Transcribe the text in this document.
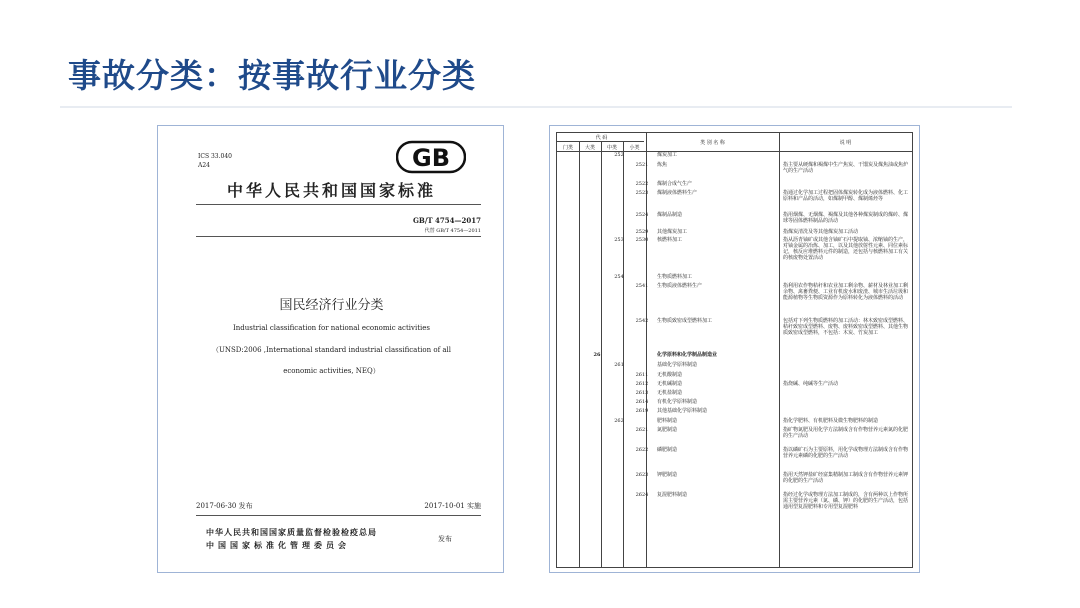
事故分类：按事故行业分类
ICS 33.040
A24	GB
中华人民共和国国家标准
GB/T 4754—2017
代替 GB/T 4754—2011
国民经济行业分类
Industrial classification for national economic activities
（UNSD:2006 ,International standard industrial classification of all
economic activities, NEQ）
2017-06-30 发布	2017-10-01 实施
中华人民共和国国家质量监督检验检疫总局
中国国家标准化管理委员会
发布
代 码
门类	大类	中类	小类
类 别 名 称	说 明
252	煤炭加工
2521	炼焦	指主要从硬煤和褐煤中生产焦炭、干馏炭及煤焦油或焦炉气的生产活动
2522	煤制合成气生产
2523	煤制液体燃料生产	指通过化学加工过程把固体煤炭转化成为液体燃料、化工原料和产品的活动，如煤制甲醇、煤制烯烃等
2524	煤制品制造	指用烟煤、无烟煤、褐煤及其他各种煤炭制成的煤砖、煤球等固体燃料制品的活动
2529	其他煤炭加工	指煤炭清洗及等其他煤炭加工活动
253	2530	核燃料加工	指从沥青铀矿或其他含铀矿石中提取铀、浓缩铀的生产，对铀金属的冶炼、加工，以及其他放射性元素、同位素标记，核反应堆燃料元件的制造，还包括与核燃料加工有关的核废物处置活动
254	生物质燃料加工
2541	生物质液体燃料生产	指利用农作物秸秆和农业加工剩余物、薪材及林业加工剩余物、禽畜粪便、工业有机废水和废渣、城市生活垃圾和能源植物等生物质资源作为原料转化为液体燃料的活动
2542	生物质致密成型燃料加工	包括对下列生物质燃料的加工活动：林木致密成型燃料、秸秆致密成型燃料、废物、废料致密成型燃料、其他生物质致密成型燃料，不包括：木炭、竹炭加工
26	化学原料和化学制品制造业
261	基础化学原料制造
2611	无机酸制造
2612	无机碱制造	指烧碱、纯碱等生产活动
2613	无机盐制造
2614	有机化学原料制造
2619	其他基础化学原料制造
262	肥料制造	指化学肥料、有机肥料及微生物肥料的制造
2621	氮肥制造	指矿物氮肥及用化学方法制成含有作物营养元素氮的化肥的生产活动
2622	磷肥制造	指以磷矿石为主要原料，用化学或物理方法制成含有作物营养元素磷的化肥的生产活动
2623	钾肥制造	指用天然钾盐矿经富集精制加工制成含有作物营养元素钾的化肥的生产活动
2624	复混肥料制造	指经过化学或物理方法加工制成的，含有两种以上作物所需主要营养元素（氮、磷、钾）的化肥的生产活动，包括通用型复混肥料和专用型复混肥料
